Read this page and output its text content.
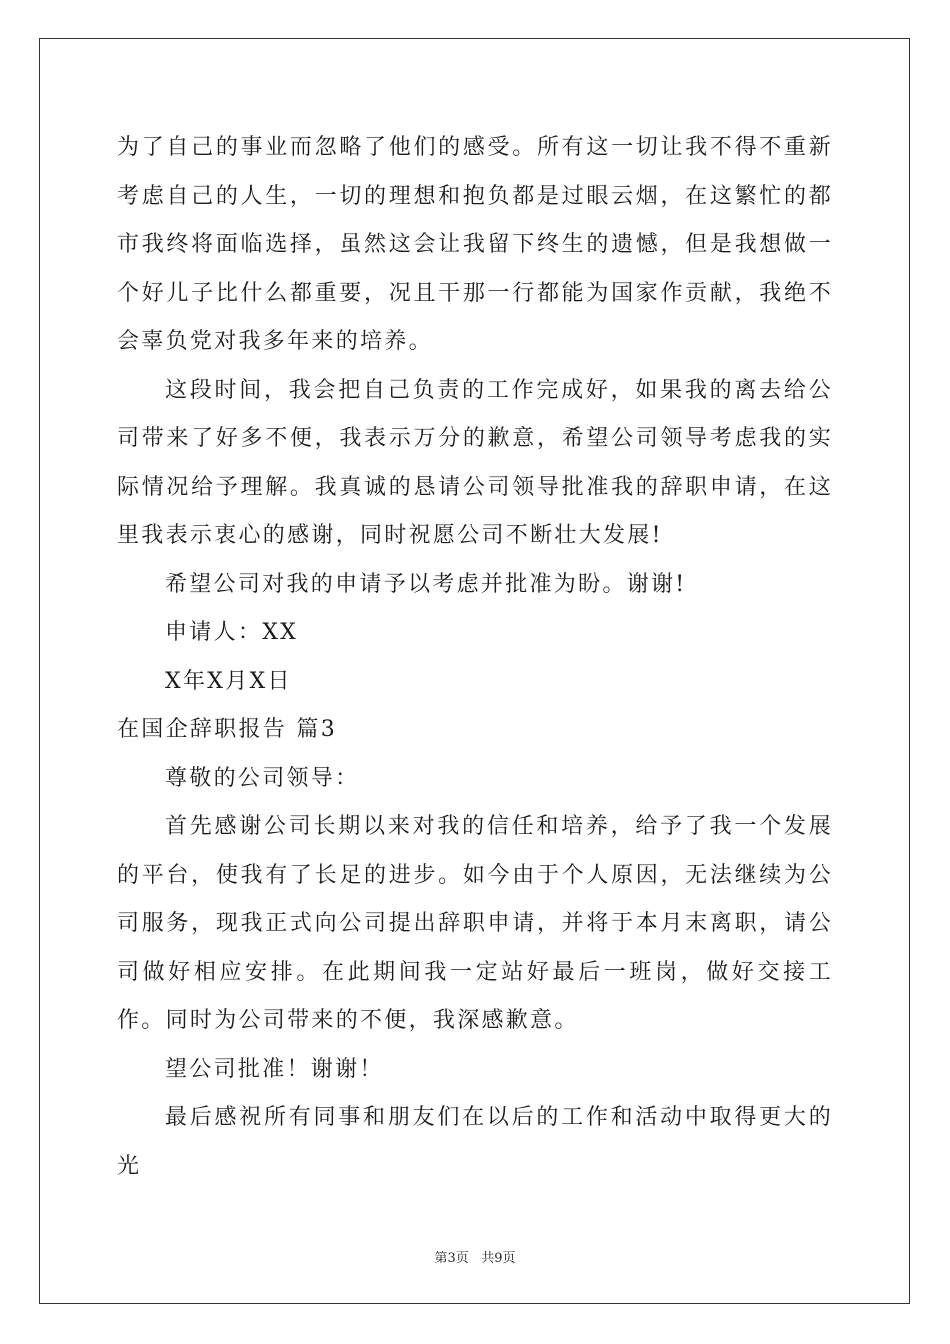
为了自己的事业而忽略了他们的感受。所有这一切让我不得不重新考虑自己的人生，一切的理想和抱负都是过眼云烟，在这繁忙的都市我终将面临选择，虽然这会让我留下终生的遗憾，但是我想做一个好儿子比什么都重要，况且干那一行都能为国家作贡献，我绝不会辜负党对我多年来的培养。

这段时间，我会把自己负责的工作完成好，如果我的离去给公司带来了好多不便，我表示万分的歉意，希望公司领导考虑我的实际情况给予理解。我真诚的恳请公司领导批准我的辞职申请，在这里我表示衷心的感谢，同时祝愿公司不断壮大发展!

希望公司对我的申请予以考虑并批准为盼。谢谢!

申请人：XX

X年X月X日

在国企辞职报告 篇3

尊敬的公司领导：

首先感谢公司长期以来对我的信任和培养，给予了我一个发展的平台，使我有了长足的进步。如今由于个人原因，无法继续为公司服务，现我正式向公司提出辞职申请，并将于本月末离职，请公司做好相应安排。在此期间我一定站好最后一班岗，做好交接工作。同时为公司带来的不便，我深感歉意。

望公司批准！谢谢！

最后感祝所有同事和朋友们在以后的工作和活动中取得更大的光

第3页 共9页
